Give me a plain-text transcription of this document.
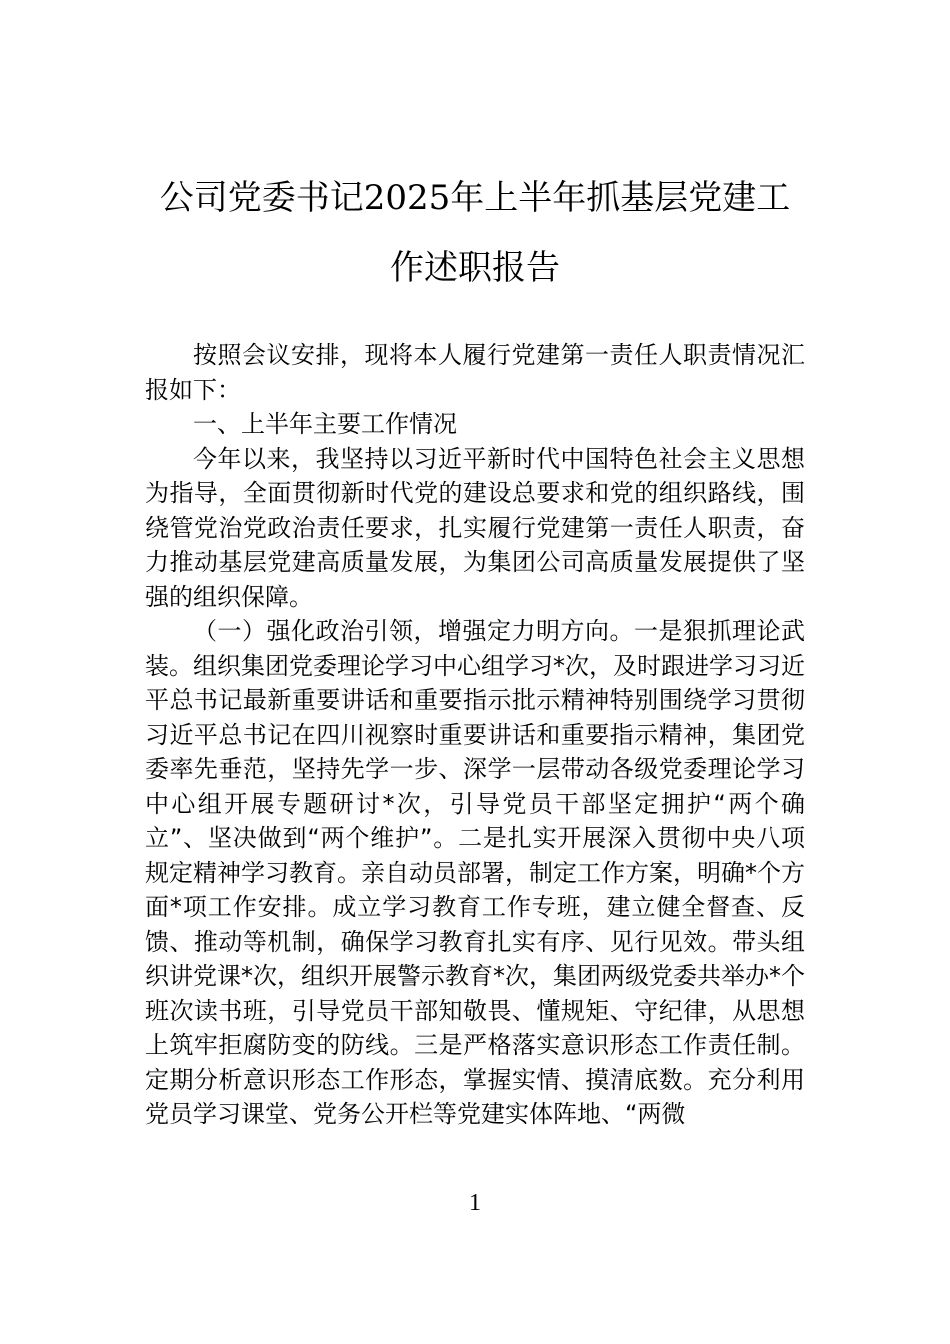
公司党委书记2025年上半年抓基层党建工
作述职报告

按照会议安排，现将本人履行党建第一责任人职责情况汇报如下：

一、上半年主要工作情况

今年以来，我坚持以习近平新时代中国特色社会主义思想为指导，全面贯彻新时代党的建设总要求和党的组织路线，围绕管党治党政治责任要求，扎实履行党建第一责任人职责，奋力推动基层党建高质量发展，为集团公司高质量发展提供了坚强的组织保障。

（一）强化政治引领，增强定力明方向。一是狠抓理论武装。组织集团党委理论学习中心组学习*次，及时跟进学习习近平总书记最新重要讲话和重要指示批示精神特别围绕学习贯彻习近平总书记在四川视察时重要讲话和重要指示精神，集团党委率先垂范，坚持先学一步、深学一层带动各级党委理论学习中心组开展专题研讨*次，引导党员干部坚定拥护“两个确立”、坚决做到“两个维护”。二是扎实开展深入贯彻中央八项规定精神学习教育。亲自动员部署，制定工作方案，明确*个方面*项工作安排。成立学习教育工作专班，建立健全督查、反馈、推动等机制，确保学习教育扎实有序、见行见效。带头组织讲党课*次，组织开展警示教育*次，集团两级党委共举办*个班次读书班，引导党员干部知敬畏、懂规矩、守纪律，从思想上筑牢拒腐防变的防线。三是严格落实意识形态工作责任制。定期分析意识形态工作形态，掌握实情、摸清底数。充分利用党员学习课堂、党务公开栏等党建实体阵地、“两微

1
